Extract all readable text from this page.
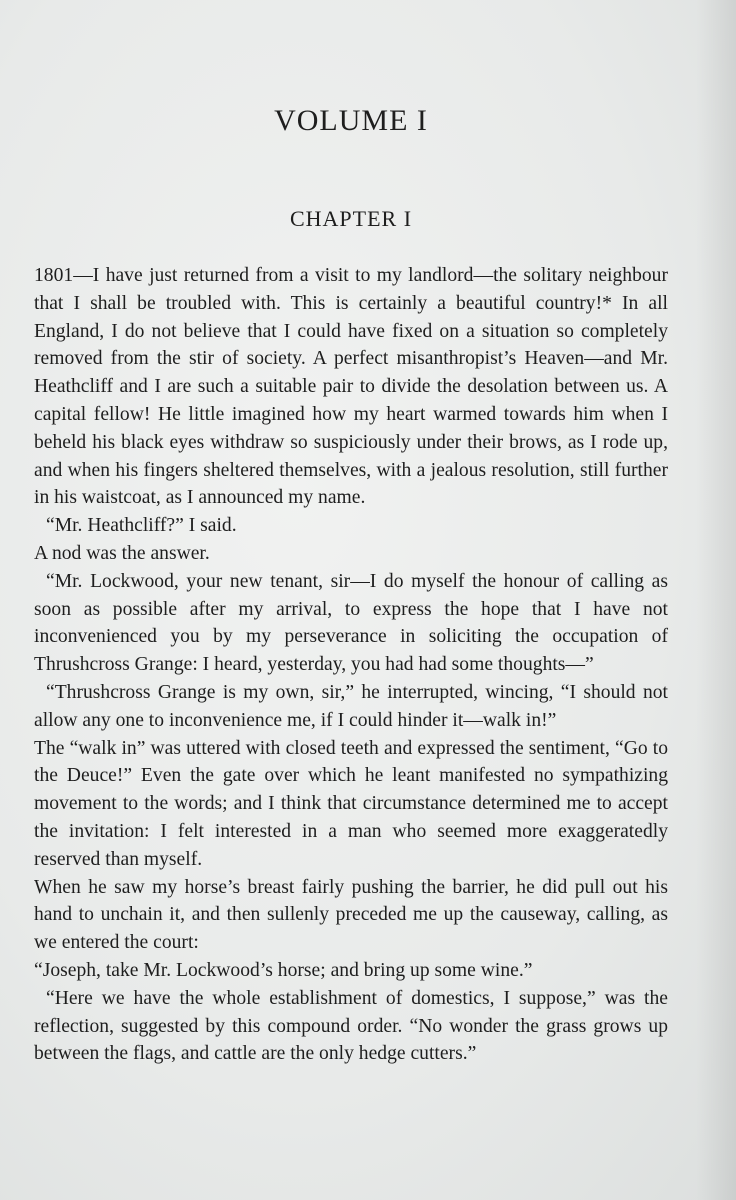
VOLUME I
CHAPTER I

1801—I have just returned from a visit to my landlord—the solitary neighbour that I shall be troubled with. This is certainly a beautiful country!* In all England, I do not believe that I could have fixed on a situation so completely removed from the stir of society. A perfect misanthropist’s Heaven—and Mr. Heathcliff and I are such a suitable pair to divide the desolation between us. A capital fellow! He little imagined how my heart warmed towards him when I beheld his black eyes withdraw so suspiciously under their brows, as I rode up, and when his fingers sheltered themselves, with a jealous resolution, still further in his waistcoat, as I announced my name.

“Mr. Heathcliff?” I said.

A nod was the answer.

“Mr. Lockwood, your new tenant, sir—I do myself the honour of calling as soon as possible after my arrival, to express the hope that I have not inconvenienced you by my perseverance in soliciting the occupation of Thrushcross Grange: I heard, yesterday, you had had some thoughts—”

“Thrushcross Grange is my own, sir,” he interrupted, wincing, “I should not allow any one to inconvenience me, if I could hinder it—walk in!”

The “walk in” was uttered with closed teeth and expressed the sentiment, “Go to the Deuce!” Even the gate over which he leant manifested no sympathizing movement to the words; and I think that circumstance determined me to accept the invitation: I felt interested in a man who seemed more exaggeratedly reserved than myself.

When he saw my horse’s breast fairly pushing the barrier, he did pull out his hand to unchain it, and then sullenly preceded me up the causeway, calling, as we entered the court:

“Joseph, take Mr. Lockwood’s horse; and bring up some wine.”

“Here we have the whole establishment of domestics, I suppose,” was the reflection, suggested by this compound order. “No wonder the grass grows up between the flags, and cattle are the only hedge cutters.”
